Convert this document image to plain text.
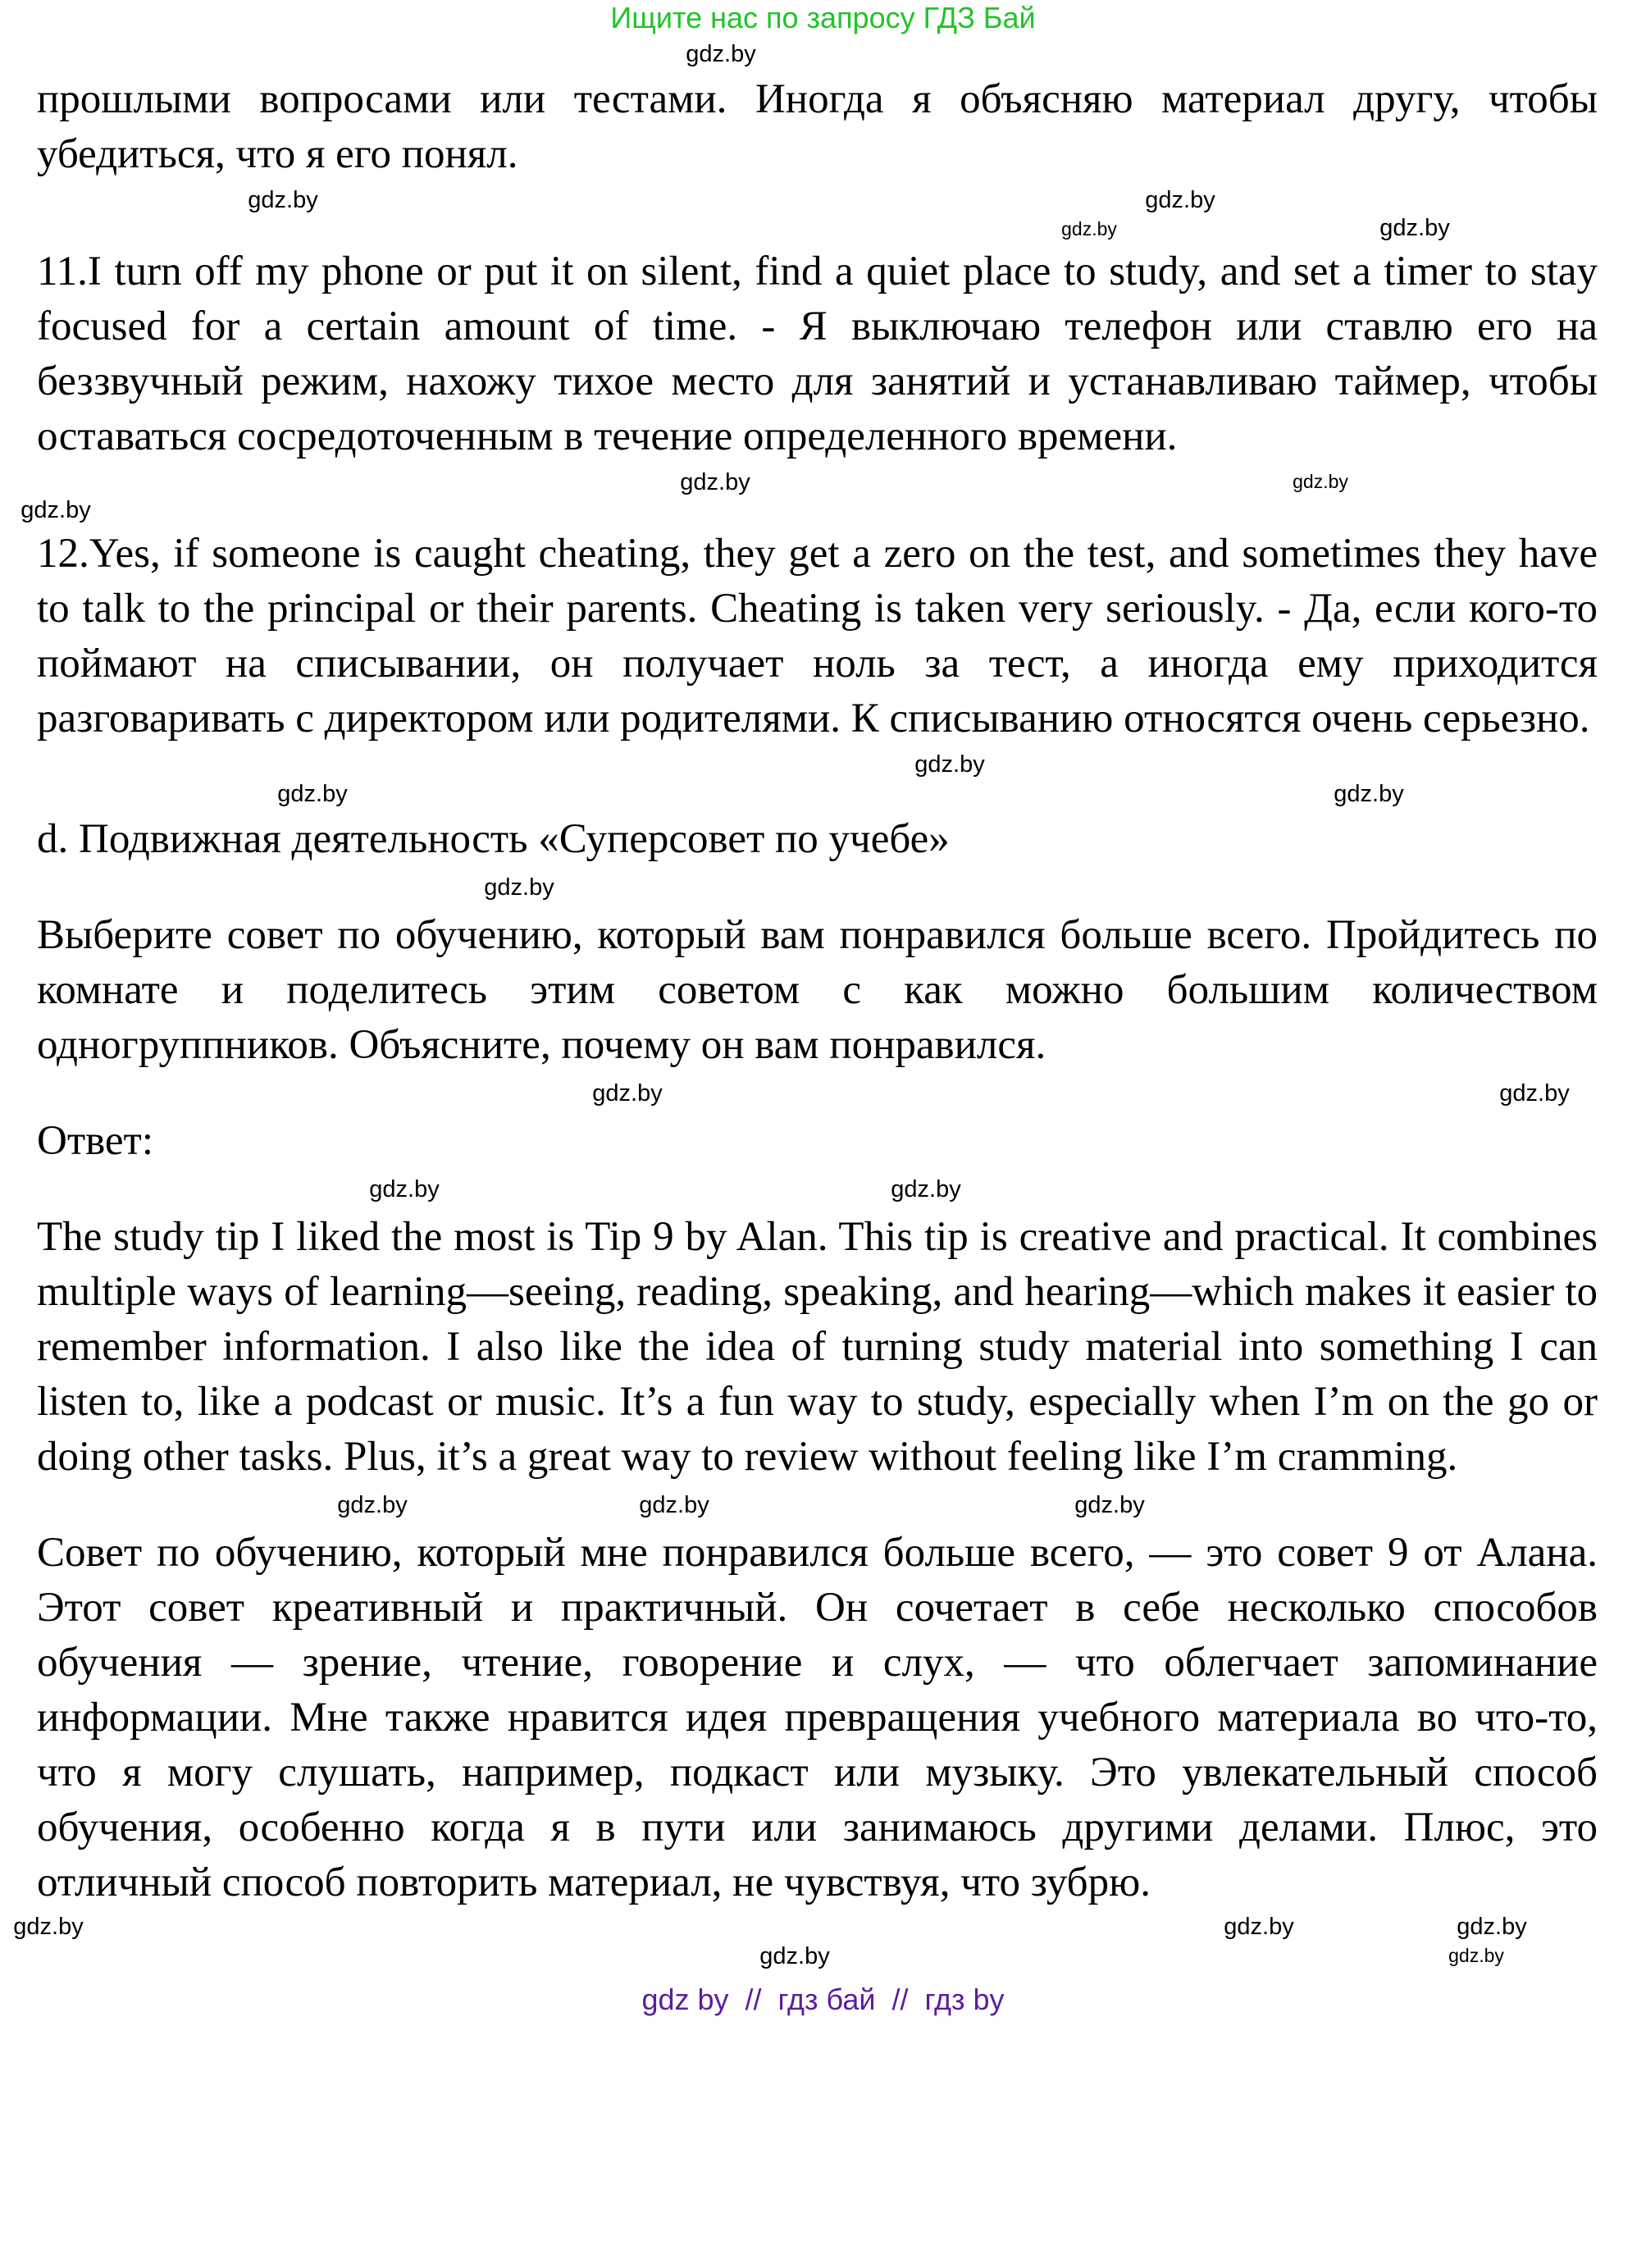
Ищите нас по запросу ГДЗ Бай
gdz.by

прошлыми вопросами или тестами. Иногда я объясняю материал другу, чтобы убедиться, что я его понял.

gdz.by	gdz.by
gdz.by
gdz.by

11.I turn off my phone or put it on silent, find a quiet place to study, and set a timer to stay focused for a certain amount of time. - Я выключаю телефон или ставлю его на беззвучный режим, нахожу тихое место для занятий и устанавливаю таймер, чтобы оставаться сосредоточенным в течение определенного времени.

gdz.by	gdz.by
gdz.by

12.Yes, if someone is caught cheating, they get a zero on the test, and sometimes they have to talk to the principal or their parents. Cheating is taken very seriously. - Да, если кого-то поймают на списывании, он получает ноль за тест, а иногда ему приходится разговаривать с директором или родителями. К списыванию относятся очень серьезно.

gdz.by
gdz.by	gdz.by

d. Подвижная деятельность «Суперсовет по учебе»

gdz.by

Выберите совет по обучению, который вам понравился больше всего. Пройдитесь по комнате и поделитесь этим советом с как можно большим количеством одногруппников. Объясните, почему он вам понравился.

gdz.by	gdz.by

Ответ:

gdz.by	gdz.by

The study tip I liked the most is Tip 9 by Alan. This tip is creative and practical. It combines multiple ways of learning—seeing, reading, speaking, and hearing—which makes it easier to remember information. I also like the idea of turning study material into something I can listen to, like a podcast or music. It’s a fun way to study, especially when I’m on the go or doing other tasks. Plus, it’s a great way to review without feeling like I’m cramming.

gdz.by	gdz.by	gdz.by

Совет по обучению, который мне понравился больше всего, — это совет 9 от Алана. Этот совет креативный и практичный. Он сочетает в себе несколько способов обучения — зрение, чтение, говорение и слух, — что облегчает запоминание информации. Мне также нравится идея превращения учебного материала во что-то, что я могу слушать, например, подкаст или музыку. Это увлекательный способ обучения, особенно когда я в пути или занимаюсь другими делами. Плюс, это отличный способ повторить материал, не чувствуя, что зубрю.

gdz.by	gdz.by	gdz.by
gdz.by	gdz.by
gdz by  //  гдз бай  //  гдз by
